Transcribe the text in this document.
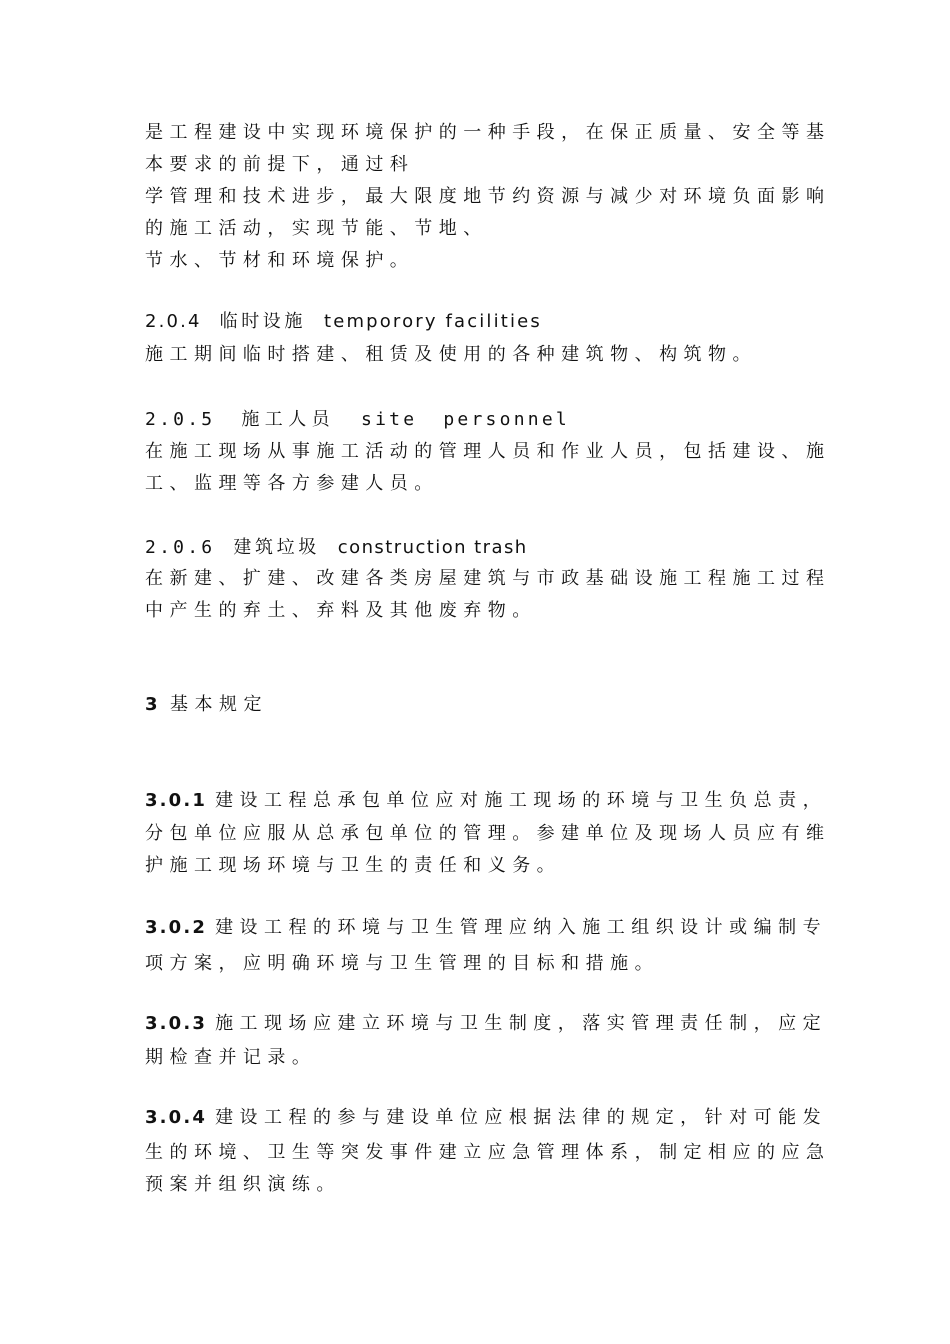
是工程建设中实现环境保护的一种手段，在保正质量、安全等基
本要求的前提下，通过科
学管理和技术进步，最大限度地节约资源与减少对环境负面影响
的施工活动，实现节能、节地、
节水、节材和环境保护。
2.0.4 临时设施 temporory facilities
施工期间临时搭建、租赁及使用的各种建筑物、构筑物。
2.0.5 施工人员 site personnel
在施工现场从事施工活动的管理人员和作业人员，包括建设、施
工、监理等各方参建人员。
2.0.6 建筑垃圾 construction trash
在新建、扩建、改建各类房屋建筑与市政基础设施工程施工过程
中产生的弃土、弃料及其他废弃物。
3 基本规定
3.0.1 建设工程总承包单位应对施工现场的环境与卫生负总责，
分包单位应服从总承包单位的管理。参建单位及现场人员应有维
护施工现场环境与卫生的责任和义务。
3.0.2 建设工程的环境与卫生管理应纳入施工组织设计或编制专
项方案，应明确环境与卫生管理的目标和措施。
3.0.3 施工现场应建立环境与卫生制度，落实管理责任制，应定
期检查并记录。
3.0.4 建设工程的参与建设单位应根据法律的规定，针对可能发
生的环境、卫生等突发事件建立应急管理体系，制定相应的应急
预案并组织演练。
